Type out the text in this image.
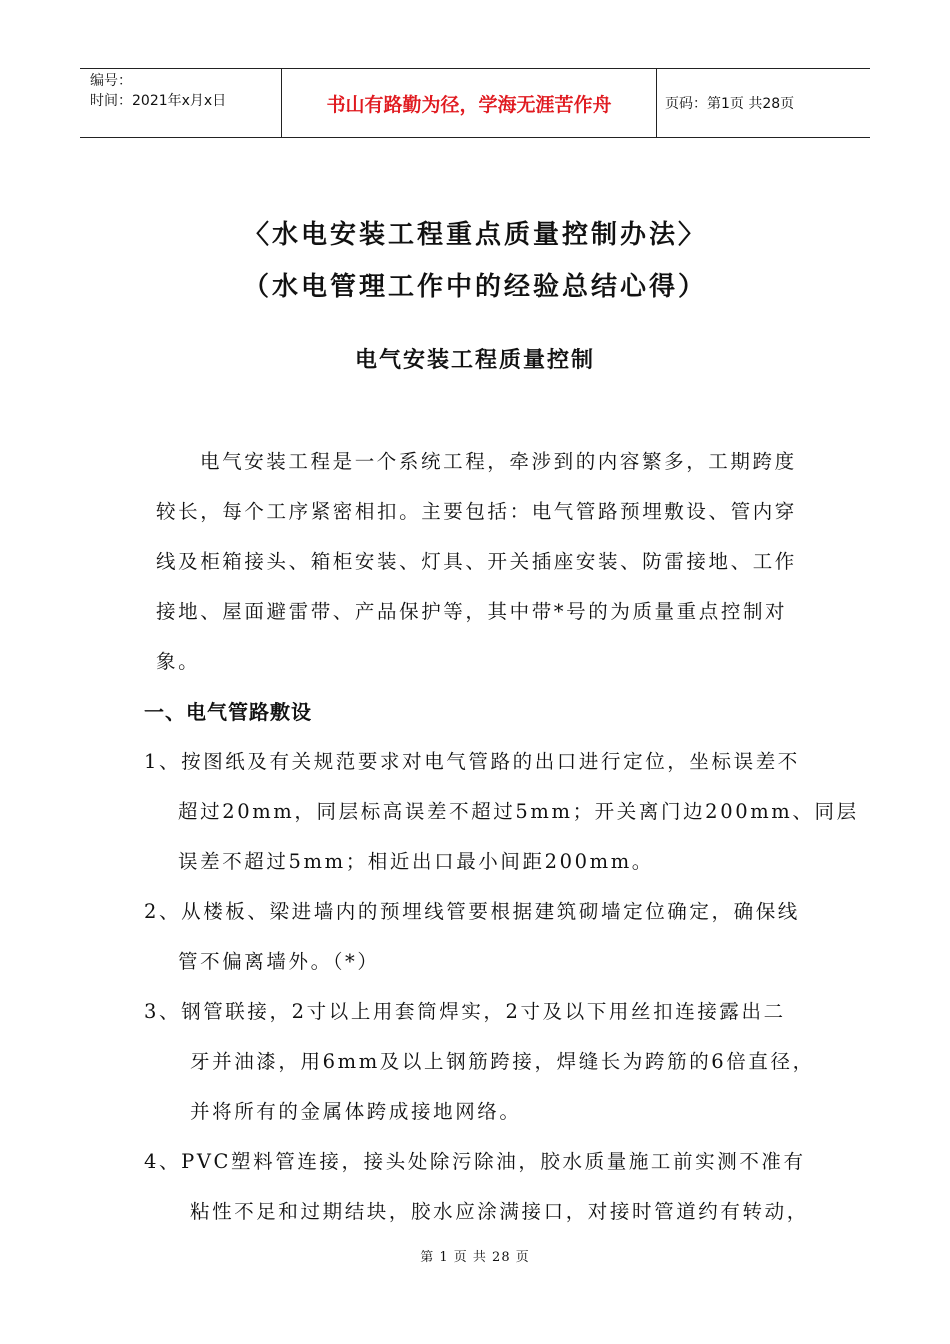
编号：
时间：2021年x月x日	书山有路勤为径，学海无涯苦作舟	页码：第1页 共28页
〈水电安装工程重点质量控制办法〉
（水电管理工作中的经验总结心得）
电气安装工程质量控制
电气安装工程是一个系统工程，牵涉到的内容繁多，工期跨度
较长，每个工序紧密相扣。主要包括：电气管路预埋敷设、管内穿
线及柜箱接头、箱柜安装、灯具、开关插座安装、防雷接地、工作
接地、屋面避雷带、产品保护等，其中带*号的为质量重点控制对
象。
一、电气管路敷设
1、按图纸及有关规范要求对电气管路的出口进行定位，坐标误差不
超过20mm，同层标高误差不超过5mm；开关离门边200mm、同层
误差不超过5mm；相近出口最小间距200mm。
2、从楼板、梁进墙内的预埋线管要根据建筑砌墙定位确定，确保线
管不偏离墙外。（*）
3、钢管联接，2寸以上用套筒焊实，2寸及以下用丝扣连接露出二
牙并油漆，用6mm及以上钢筋跨接，焊缝长为跨筋的6倍直径，
并将所有的金属体跨成接地网络。
4、PVC塑料管连接，接头处除污除油，胶水质量施工前实测不准有
粘性不足和过期结块，胶水应涂满接口，对接时管道约有转动，
第 1 页 共 28 页
